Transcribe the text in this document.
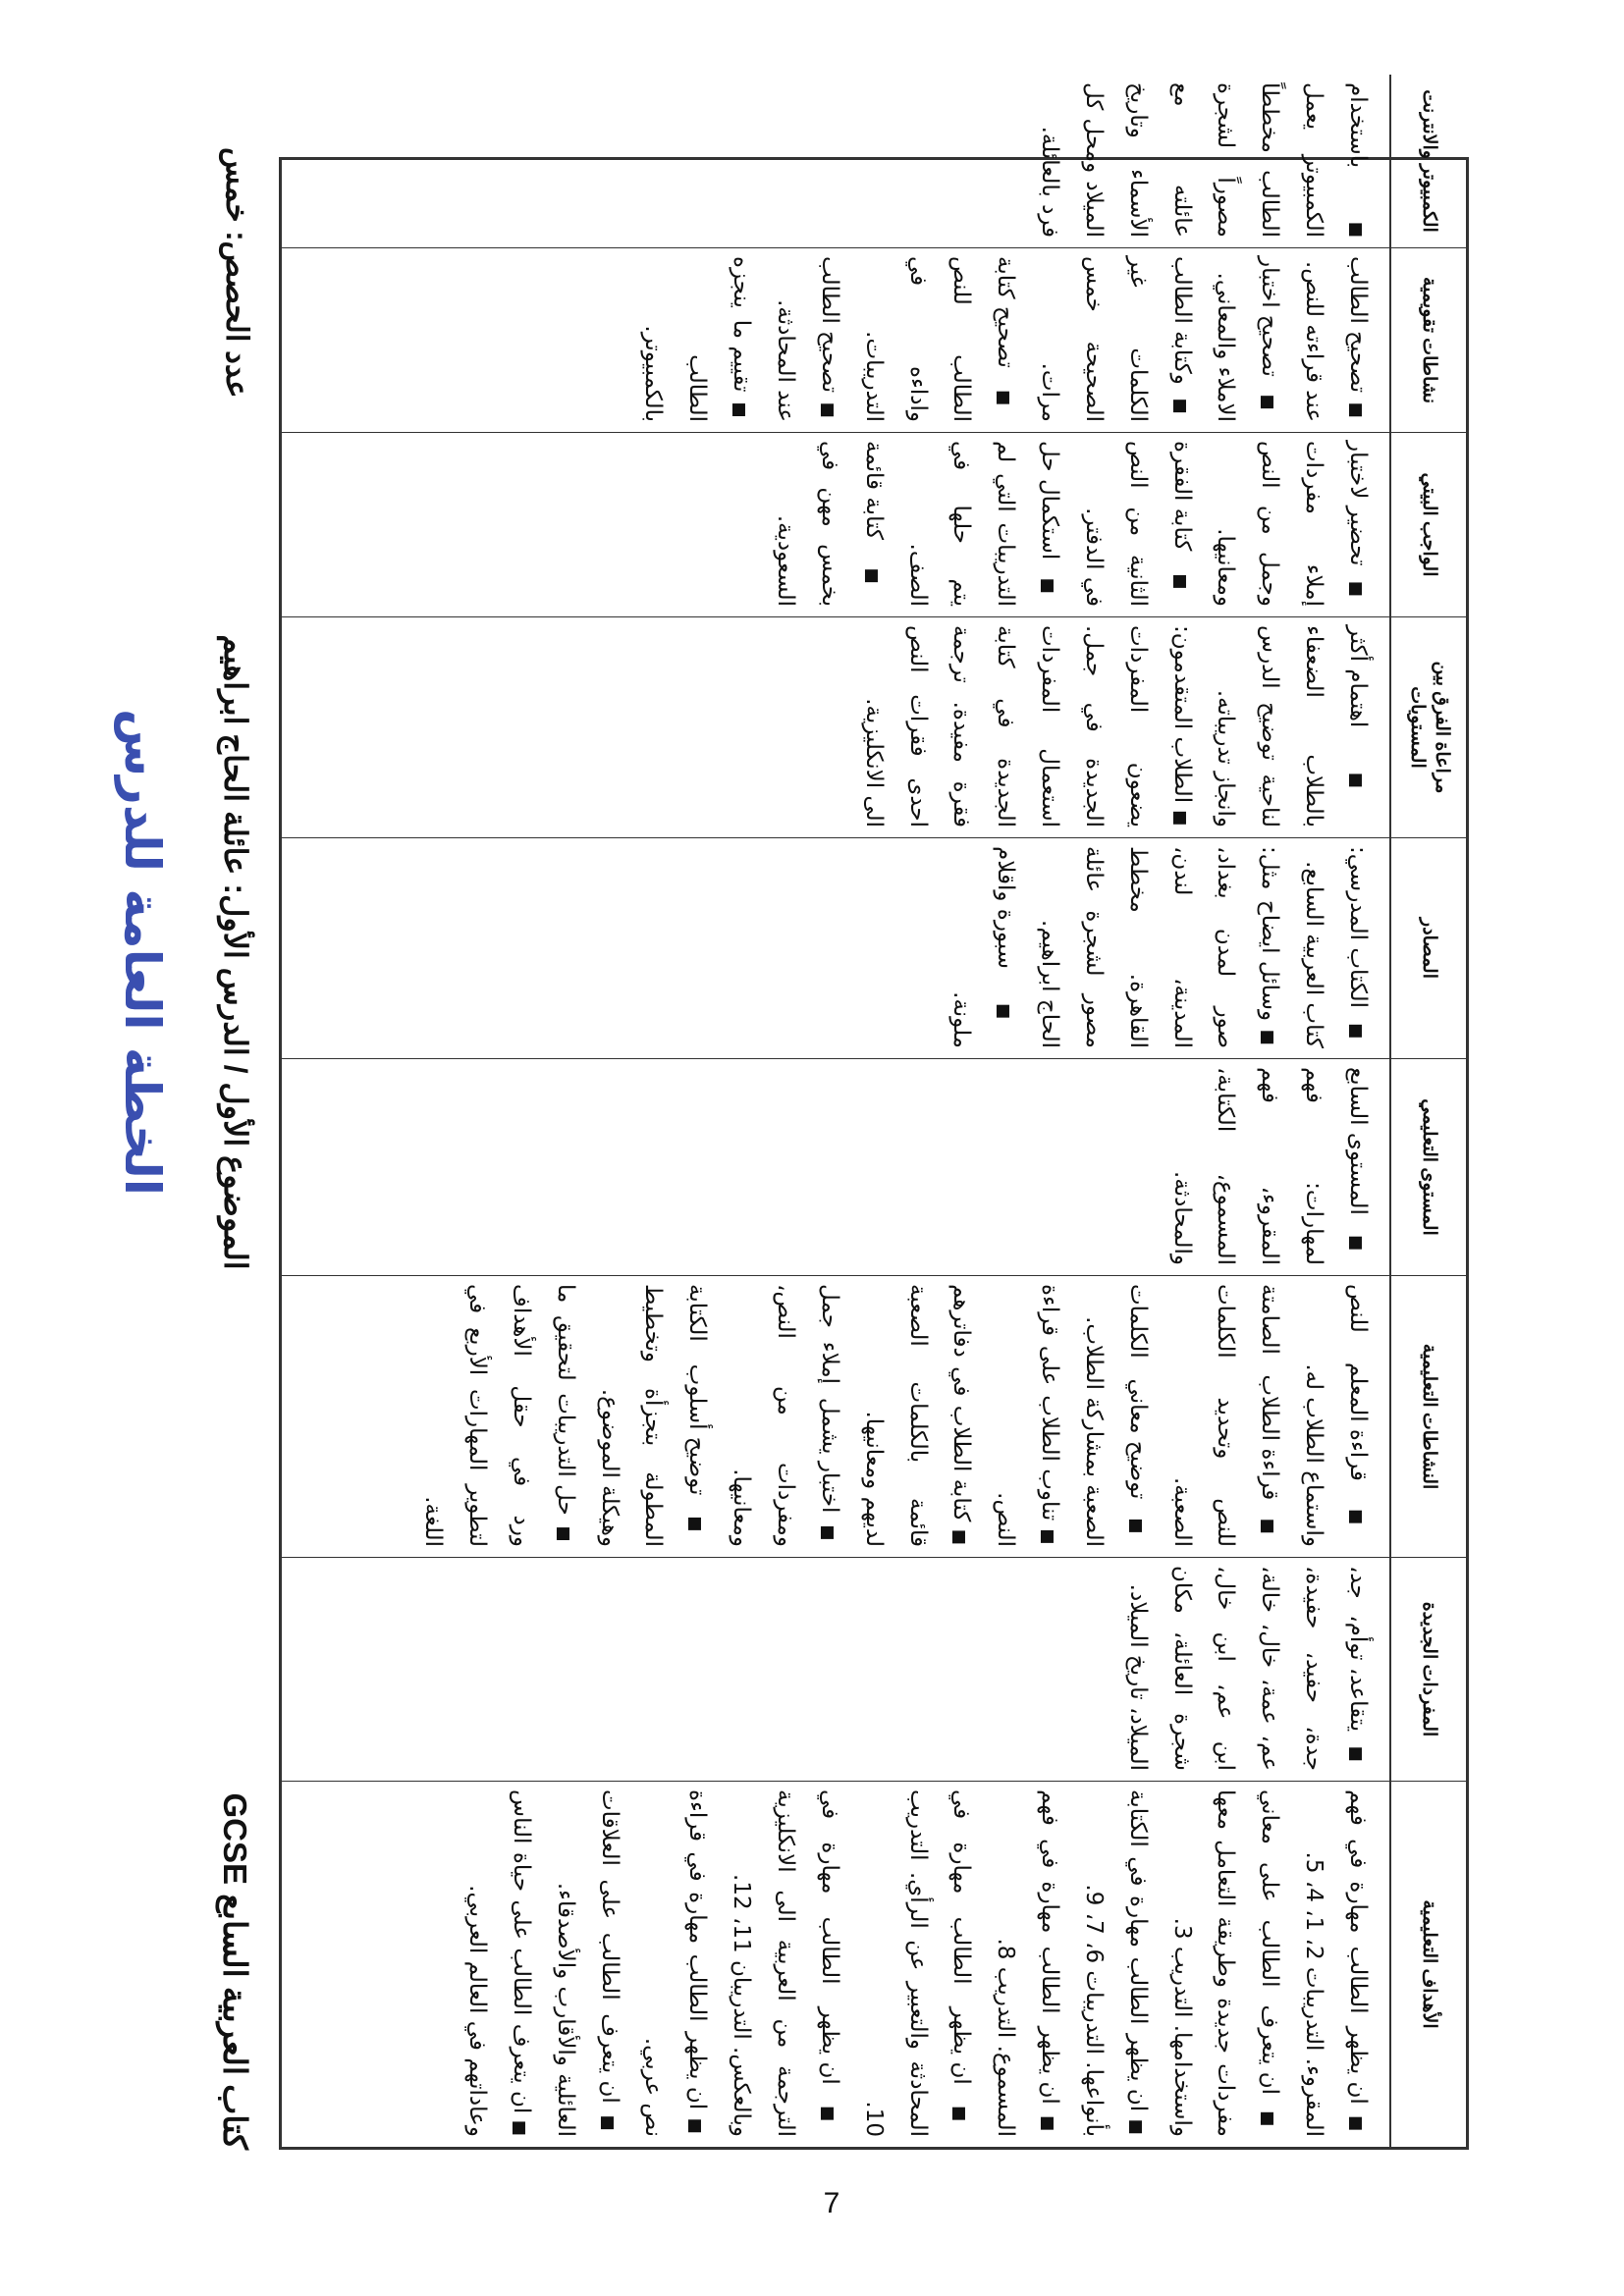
الخطة العامة للدرس
كتاب العربية السابع GCSE
الموضوع الأول / الدرس الأول: عائلة الحاج ابراهيم
عدد الحصص: خمس
7
الأهداف التعليمية
المفردات الجديدة
النشاطات التعليمية
المستوى التعليمي
المصادر
مراعاة الفرق بين المستويات
الواجب البيتي
نشاطات تقويمية
الكمبيوتر والانترنت

■ ان يظهر الطالب مهارة في فهم المقروء. التدريبات 2، 1، 4، 5.

■ ان يتعرف الطالب على معاني مفردات جديدة وطريقة التعامل معها واستخدامها. التدريب 3.

■ ان يظهر الطالب مهارة في الكتابة بأنواعها. التدريبات 6، 7، 9.

■ ان يظهر الطالب مهارة في فهم المسموع. التدريب 8.

■ ان يظهر الطالب مهارة في المحادثة والتعبير عن الرأي. التدريب 10.

■ ان يظهر الطالب مهارة في الترجمة من العربية الى الانكليزية وبالعكس. التدريبان 11، 12.

■ ان يظهر الطالب مهارة في قراءة نص عربي.

■ ان يتعرف الطالب على العلاقات العائلية والأقارب والأصدقاء.

■ ان يتعرف الطالب على حياة الناس وعاداتهم في العالم العربي.

■ يتقاعد، توأم، جد، جدة، حفيد، حفيدة، عم، عمة، خال، خالة، ابن عم، ابن خال، شجرة العائلة، مكان الميلاد، تاريخ الميلاد.

■ قراءة المعلم للنص واستماع الطلاب له.

■ قراءة الطلاب الصامتة للنص وتحديد الكلمات الصعبة.

■ توضيح معاني الكلمات الصعبة بمشاركة الطلاب.

■ تناوب الطلاب على قراءة النص.

■ كتابة الطلاب في دفاترهم قائمة بالكلمات الصعبة لديهم ومعانيها.

■ اختبار يشمل إملاء جمل ومفردات من النص، ومعانيها.

■ توضيح أسلوب الكتابة المطولة بتجزأة وتخطيط وهيكلة الموضوع.

■ حل التدريبات لتحقيق ما ورد في حقل الأهداف لتطوير المهارات الأربع في اللغة.

■ المستوى السابع لمهارات: فهم المقروء، فهم المسموع، الكتابة، والمحادثة.

■ الكتاب المدرسي: كتاب العربية السابع.

■ وسائل ايضاح مثل: صور لمدن بغداد، المدينة، لندن، القاهرة. مخطط مصور لشجرة عائلة الحاج ابراهيم.

■ سبورة واقلام ملونة.

■ اهتمام أكثر بالطلاب الضعفاء لناحية توضيح الدرس وانجاز تدريباته.

■ الطلاب المتقدمون: يضعون المفردات الجديدة في جمل. استعمال المفردات الجديدة في كتابة فقرة مفيدة. ترجمة احدى فقرات النص الى الانكليزية.

■ تحضير لاختبار إملاء مفردات وجمل من النص ومعانيها.

■ كتابة الفقرة الثانية من النص في الدفتر.

■ استكمال حل التدريبات التي لم يتم حلها في الصف.

■ كتابة قائمة بخمس مهن في السعودية.

■ تصحيح الطالب عند قراءته للنص.

■ تصحيح اختبار الاملاء والمعاني.

■ وكتابة الطالب الكلمات غير الصحيحة خمس مرات.

■ تصحيح كتابة الطالب للنص واداءه في التدريبات.

■ تصحيح الطالب عند المحادثة.

■ تقييم ما ينجزه الطالب بالكمبيوتر.

■ باستخدام الكمبيوتر يعمل الطالب مخططاً مصوراً لشجرة عائلته مع الأسماء وتاريخ الميلاد ومحل كل فرد بالعائلة.
